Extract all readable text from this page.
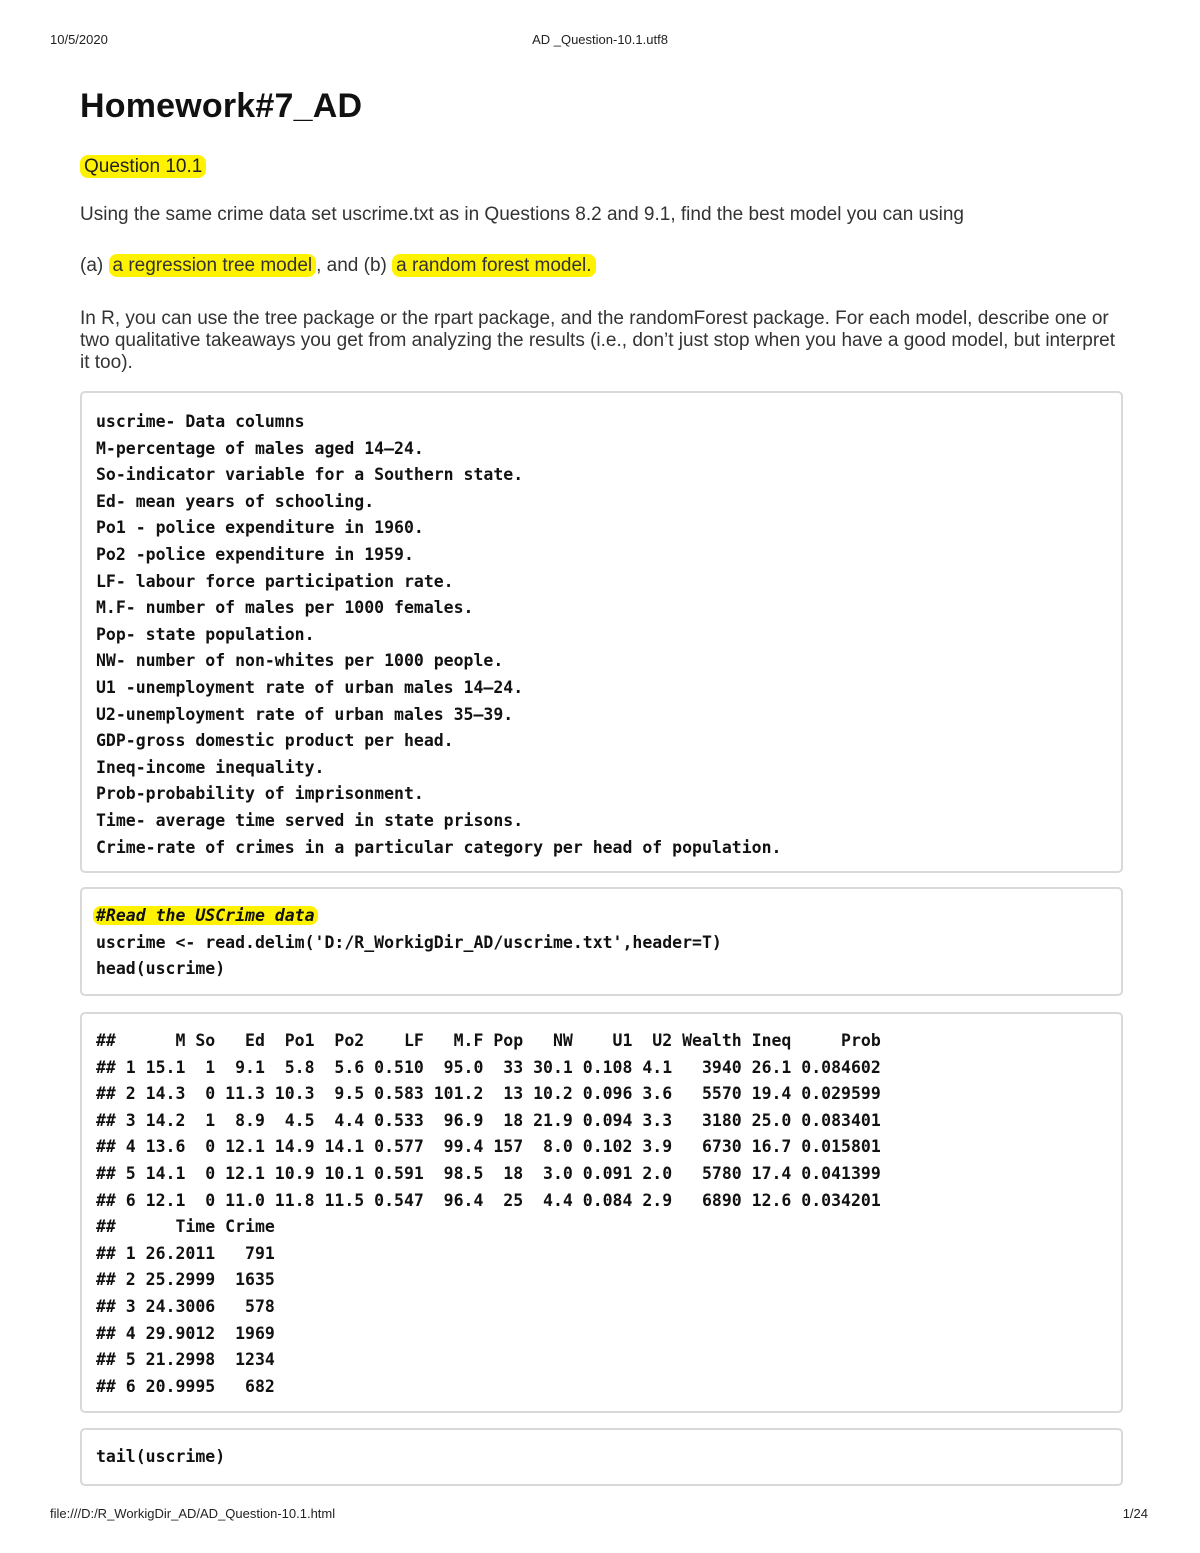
10/5/2020	AD _Question-10.1.utf8
Homework#7_AD
Question 10.1
Using the same crime data set uscrime.txt as in Questions 8.2 and 9.1, find the best model you can using
(a) a regression tree model , and (b) a random forest model.
In R, you can use the tree package or the rpart package, and the randomForest package. For each model, describe one or two qualitative takeaways you get from analyzing the results (i.e., don’t just stop when you have a good model, but interpret it too).
uscrime- Data columns
M-percentage of males aged 14–24.
So-indicator variable for a Southern state.
Ed- mean years of schooling.
Po1 - police expenditure in 1960.
Po2 -police expenditure in 1959.
LF- labour force participation rate.
M.F- number of males per 1000 females.
Pop- state population.
NW- number of non-whites per 1000 people.
U1 -unemployment rate of urban males 14–24.
U2-unemployment rate of urban males 35–39.
GDP-gross domestic product per head.
Ineq-income inequality.
Prob-probability of imprisonment.
Time- average time served in state prisons.
Crime-rate of crimes in a particular category per head of population.
#Read the USCrime data
uscrime <- read.delim('D:/R_WorkigDir_AD/uscrime.txt',header=T)
head(uscrime)
##      M So   Ed  Po1  Po2    LF   M.F Pop   NW    U1  U2 Wealth Ineq     Prob
## 1 15.1  1  9.1  5.8  5.6 0.510  95.0  33 30.1 0.108 4.1   3940 26.1 0.084602
## 2 14.3  0 11.3 10.3  9.5 0.583 101.2  13 10.2 0.096 3.6   5570 19.4 0.029599
## 3 14.2  1  8.9  4.5  4.4 0.533  96.9  18 21.9 0.094 3.3   3180 25.0 0.083401
## 4 13.6  0 12.1 14.9 14.1 0.577  99.4 157  8.0 0.102 3.9   6730 16.7 0.015801
## 5 14.1  0 12.1 10.9 10.1 0.591  98.5  18  3.0 0.091 2.0   5780 17.4 0.041399
## 6 12.1  0 11.0 11.8 11.5 0.547  96.4  25  4.4 0.084 2.9   6890 12.6 0.034201
##      Time Crime
## 1 26.2011   791
## 2 25.2999  1635
## 3 24.3006   578
## 4 29.9012  1969
## 5 21.2998  1234
## 6 20.9995   682
tail(uscrime)
file:///D:/R_WorkigDir_AD/AD_Question-10.1.html	1/24
